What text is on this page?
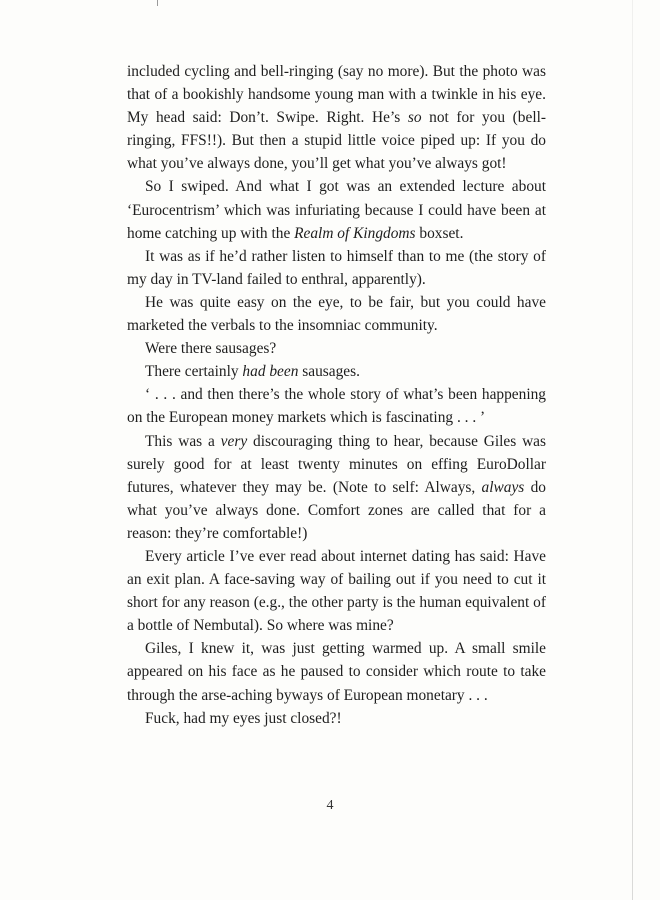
included cycling and bell-ringing (say no more). But the photo was that of a bookishly handsome young man with a twinkle in his eye. My head said: Don’t. Swipe. Right. He’s so not for you (bell-ringing, FFS!!). But then a stupid little voice piped up: If you do what you’ve always done, you’ll get what you’ve always got!

So I swiped. And what I got was an extended lecture about ‘Eurocentrism’ which was infuriating because I could have been at home catching up with the Realm of Kingdoms boxset.

It was as if he’d rather listen to himself than to me (the story of my day in TV-land failed to enthral, apparently).

He was quite easy on the eye, to be fair, but you could have marketed the verbals to the insomniac community.

Were there sausages?

There certainly had been sausages.

‘ . . . and then there’s the whole story of what’s been happening on the European money markets which is fascinating . . . ’

This was a very discouraging thing to hear, because Giles was surely good for at least twenty minutes on effing EuroDollar futures, whatever they may be. (Note to self: Always, always do what you’ve always done. Comfort zones are called that for a reason: they’re comfortable!)

Every article I’ve ever read about internet dating has said: Have an exit plan. A face-saving way of bailing out if you need to cut it short for any reason (e.g., the other party is the human equivalent of a bottle of Nembutal). So where was mine?

Giles, I knew it, was just getting warmed up. A small smile appeared on his face as he paused to consider which route to take through the arse-aching byways of European monetary . . .

Fuck, had my eyes just closed?!

4
